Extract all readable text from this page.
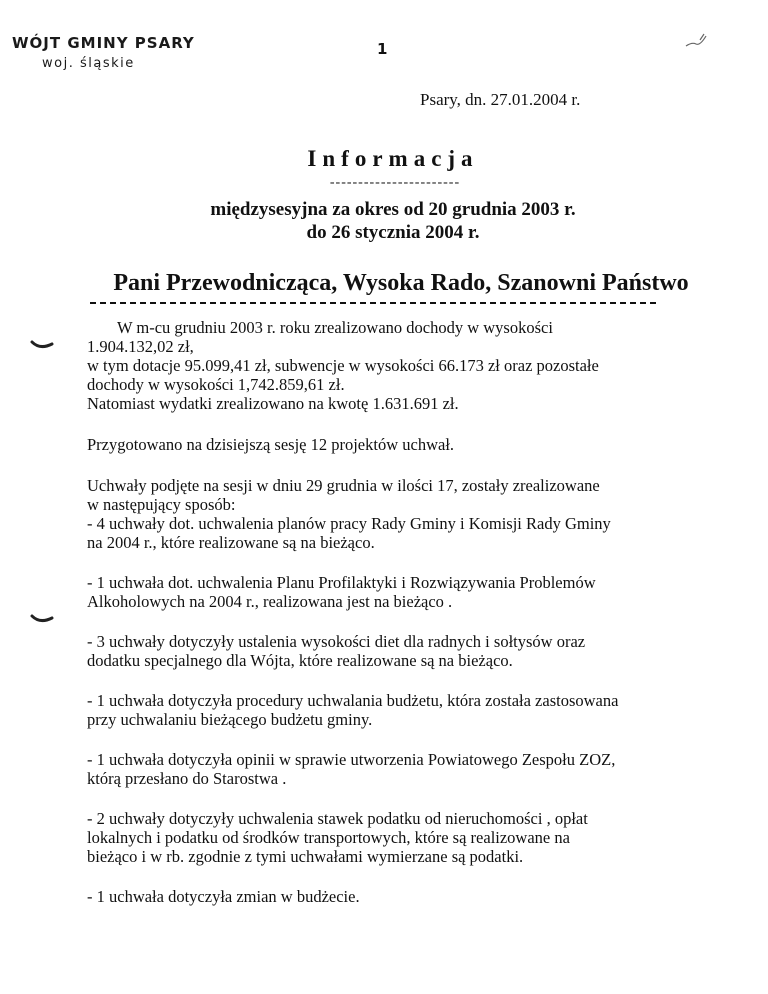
WÓJT GMINY PSARY
woj. śląskie
1
Psary, dn. 27.01.2004 r.
Informacja
-----------------------
międzysesyjna za okres od 20 grudnia 2003 r.
do 26 stycznia 2004 r.
Pani Przewodnicząca, Wysoka Rado, Szanowni Państwo

W m-cu grudniu 2003 r. roku zrealizowano dochody w wysokości

1.904.132,02 zł,

w tym dotacje 95.099,41 zł, subwencje w wysokości 66.173 zł oraz pozostałe

dochody w wysokości 1,742.859,61 zł.

Natomiast wydatki zrealizowano na kwotę 1.631.691 zł.

Przygotowano na dzisiejszą sesję 12 projektów uchwał.

Uchwały podjęte na sesji w dniu 29 grudnia w ilości 17, zostały zrealizowane

w następujący sposób:

- 4 uchwały dot. uchwalenia planów pracy Rady Gminy i Komisji Rady Gminy

na 2004 r., które realizowane są na bieżąco.

- 1 uchwała dot. uchwalenia Planu Profilaktyki i Rozwiązywania Problemów

Alkoholowych na 2004 r., realizowana jest na bieżąco .

- 3 uchwały dotyczyły ustalenia wysokości diet dla radnych i sołtysów oraz

dodatku specjalnego dla Wójta, które realizowane są na bieżąco.

- 1 uchwała dotyczyła procedury uchwalania budżetu, która została zastosowana

przy uchwalaniu bieżącego budżetu gminy.

- 1 uchwała dotyczyła opinii w sprawie utworzenia Powiatowego Zespołu ZOZ,

którą przesłano do Starostwa .

- 2 uchwały dotyczyły uchwalenia stawek podatku od nieruchomości , opłat

lokalnych i podatku od środków transportowych, które są realizowane na

bieżąco i w rb. zgodnie z tymi uchwałami wymierzane są podatki.

- 1 uchwała dotyczyła zmian w budżecie.
